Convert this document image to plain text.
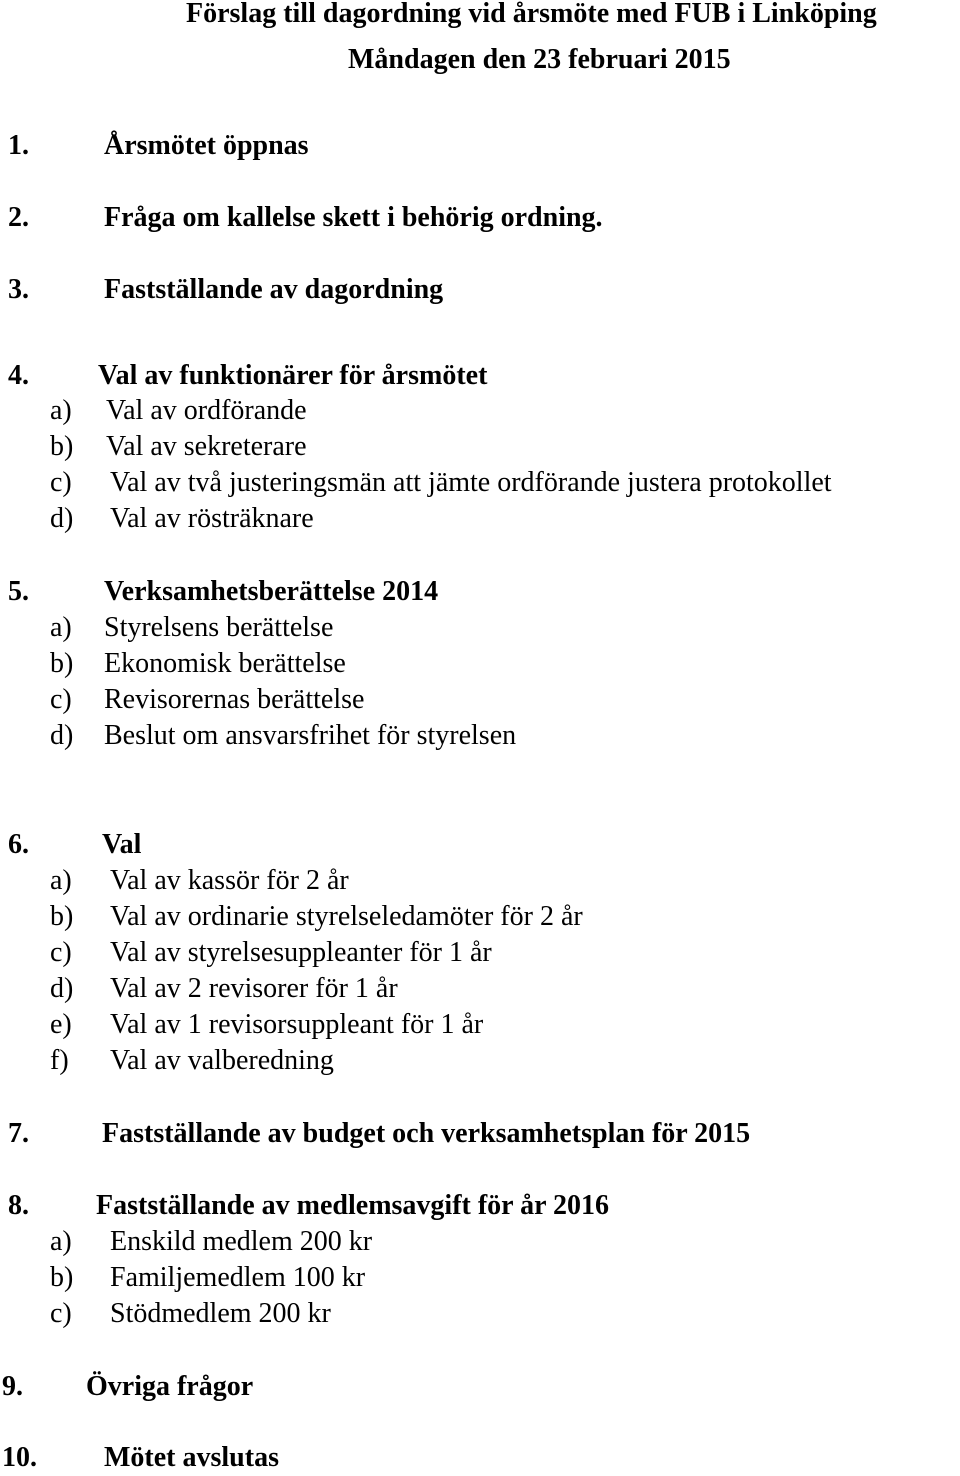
Förslag till dagordning vid årsmöte med FUB i Linköping
Måndagen den 23 februari 2015
1.	Årsmötet öppnas
2.	Fråga om kallelse skett i behörig ordning.
3.	Fastställande av dagordning
4. Val av funktionärer för årsmötet
a) Val av ordförande
b) Val av sekreterare
c) Val av två justeringsmän att jämte ordförande justera protokollet
d) Val av rösträknare
5.	Verksamhetsberättelse 2014
a) Styrelsens berättelse
b) Ekonomisk berättelse
c) Revisorernas berättelse
d) Beslut om ansvarsfrihet för styrelsen
6.	Val
a) Val av kassör för 2 år
b) Val av ordinarie styrelseledamöter för 2 år
c) Val av styrelsesuppleanter för 1 år
d) Val av 2 revisorer för 1 år
e) Val av 1 revisorsuppleant för 1 år
f) Val av valberedning
7.	Fastställande av budget och verksamhetsplan för 2015
8. Fastställande av medlemsavgift för år 2016
a) Enskild medlem 200 kr
b) Familjemedlem 100 kr
c) Stödmedlem 200 kr
9. Övriga frågor
10. Mötet avslutas
